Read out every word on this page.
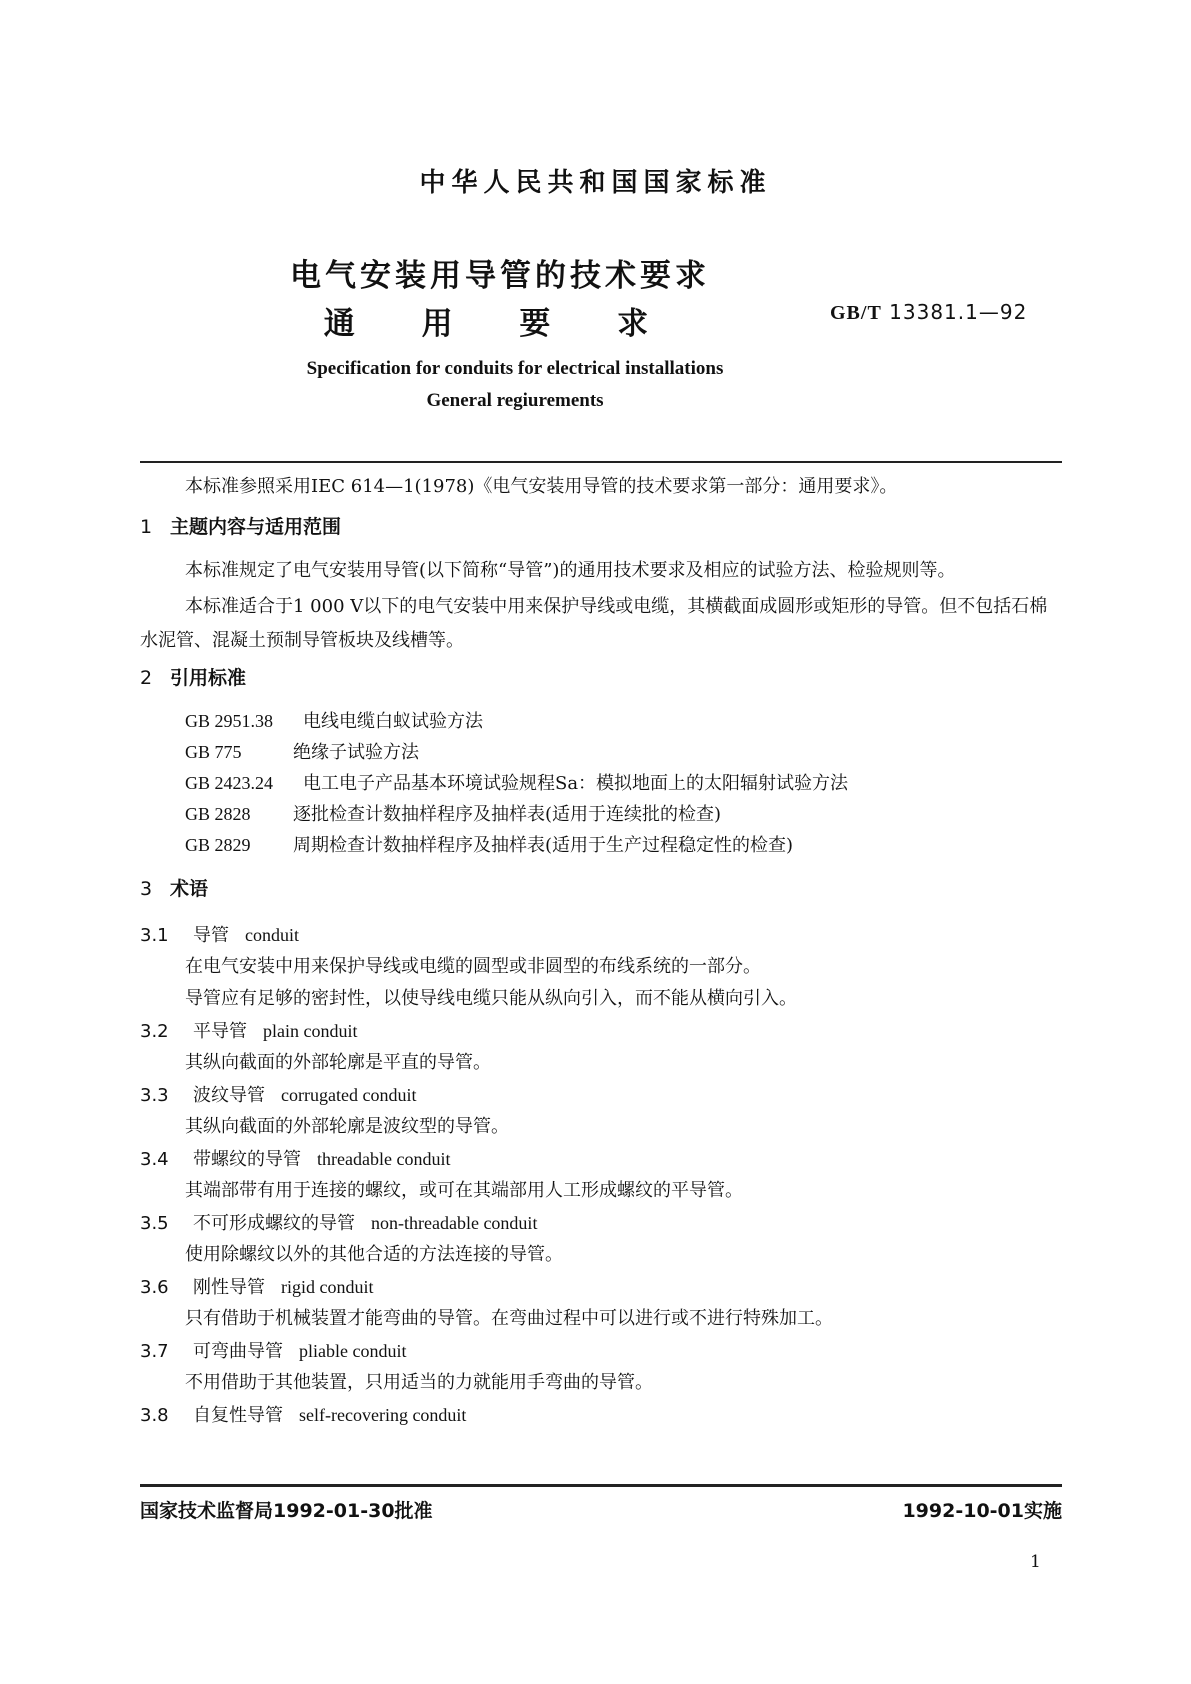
中华人民共和国国家标准
电气安装用导管的技术要求
通 用 要 求	GB/T 13381.1—92
Specification for conduits for electrical installations
General regiurements
本标准参照采用IEC 614—1(1978)《电气安装用导管的技术要求第一部分：通用要求》。
1 主题内容与适用范围
本标准规定了电气安装用导管(以下简称“导管”)的通用技术要求及相应的试验方法、检验规则等。
本标准适合于1 000 V以下的电气安装中用来保护导线或电缆，其横截面成圆形或矩形的导管。但不包括石棉水泥管、混凝土预制导管板块及线槽等。
2 引用标准
GB 2951.38 电线电缆白蚁试验方法
GB 775	绝缘子试验方法
GB 2423.24 电工电子产品基本环境试验规程Sa：模拟地面上的太阳辐射试验方法
GB 2828 逐批检查计数抽样程序及抽样表(适用于连续批的检查)
GB 2829 周期检查计数抽样程序及抽样表(适用于生产过程稳定性的检查)
3 术语
3.1 导管 conduit
在电气安装中用来保护导线或电缆的圆型或非圆型的布线系统的一部分。
导管应有足够的密封性，以使导线电缆只能从纵向引入，而不能从横向引入。
3.2 平导管 plain conduit
其纵向截面的外部轮廓是平直的导管。
3.3 波纹导管 corrugated conduit
其纵向截面的外部轮廓是波纹型的导管。
3.4 带螺纹的导管 threadable conduit
其端部带有用于连接的螺纹，或可在其端部用人工形成螺纹的平导管。
3.5 不可形成螺纹的导管 non-threadable conduit
使用除螺纹以外的其他合适的方法连接的导管。
3.6 刚性导管 rigid conduit
只有借助于机械装置才能弯曲的导管。在弯曲过程中可以进行或不进行特殊加工。
3.7 可弯曲导管 pliable conduit
不用借助于其他装置，只用适当的力就能用手弯曲的导管。
3.8 自复性导管 self-recovering conduit
国家技术监督局1992-01-30批准	1992-10-01实施
1
